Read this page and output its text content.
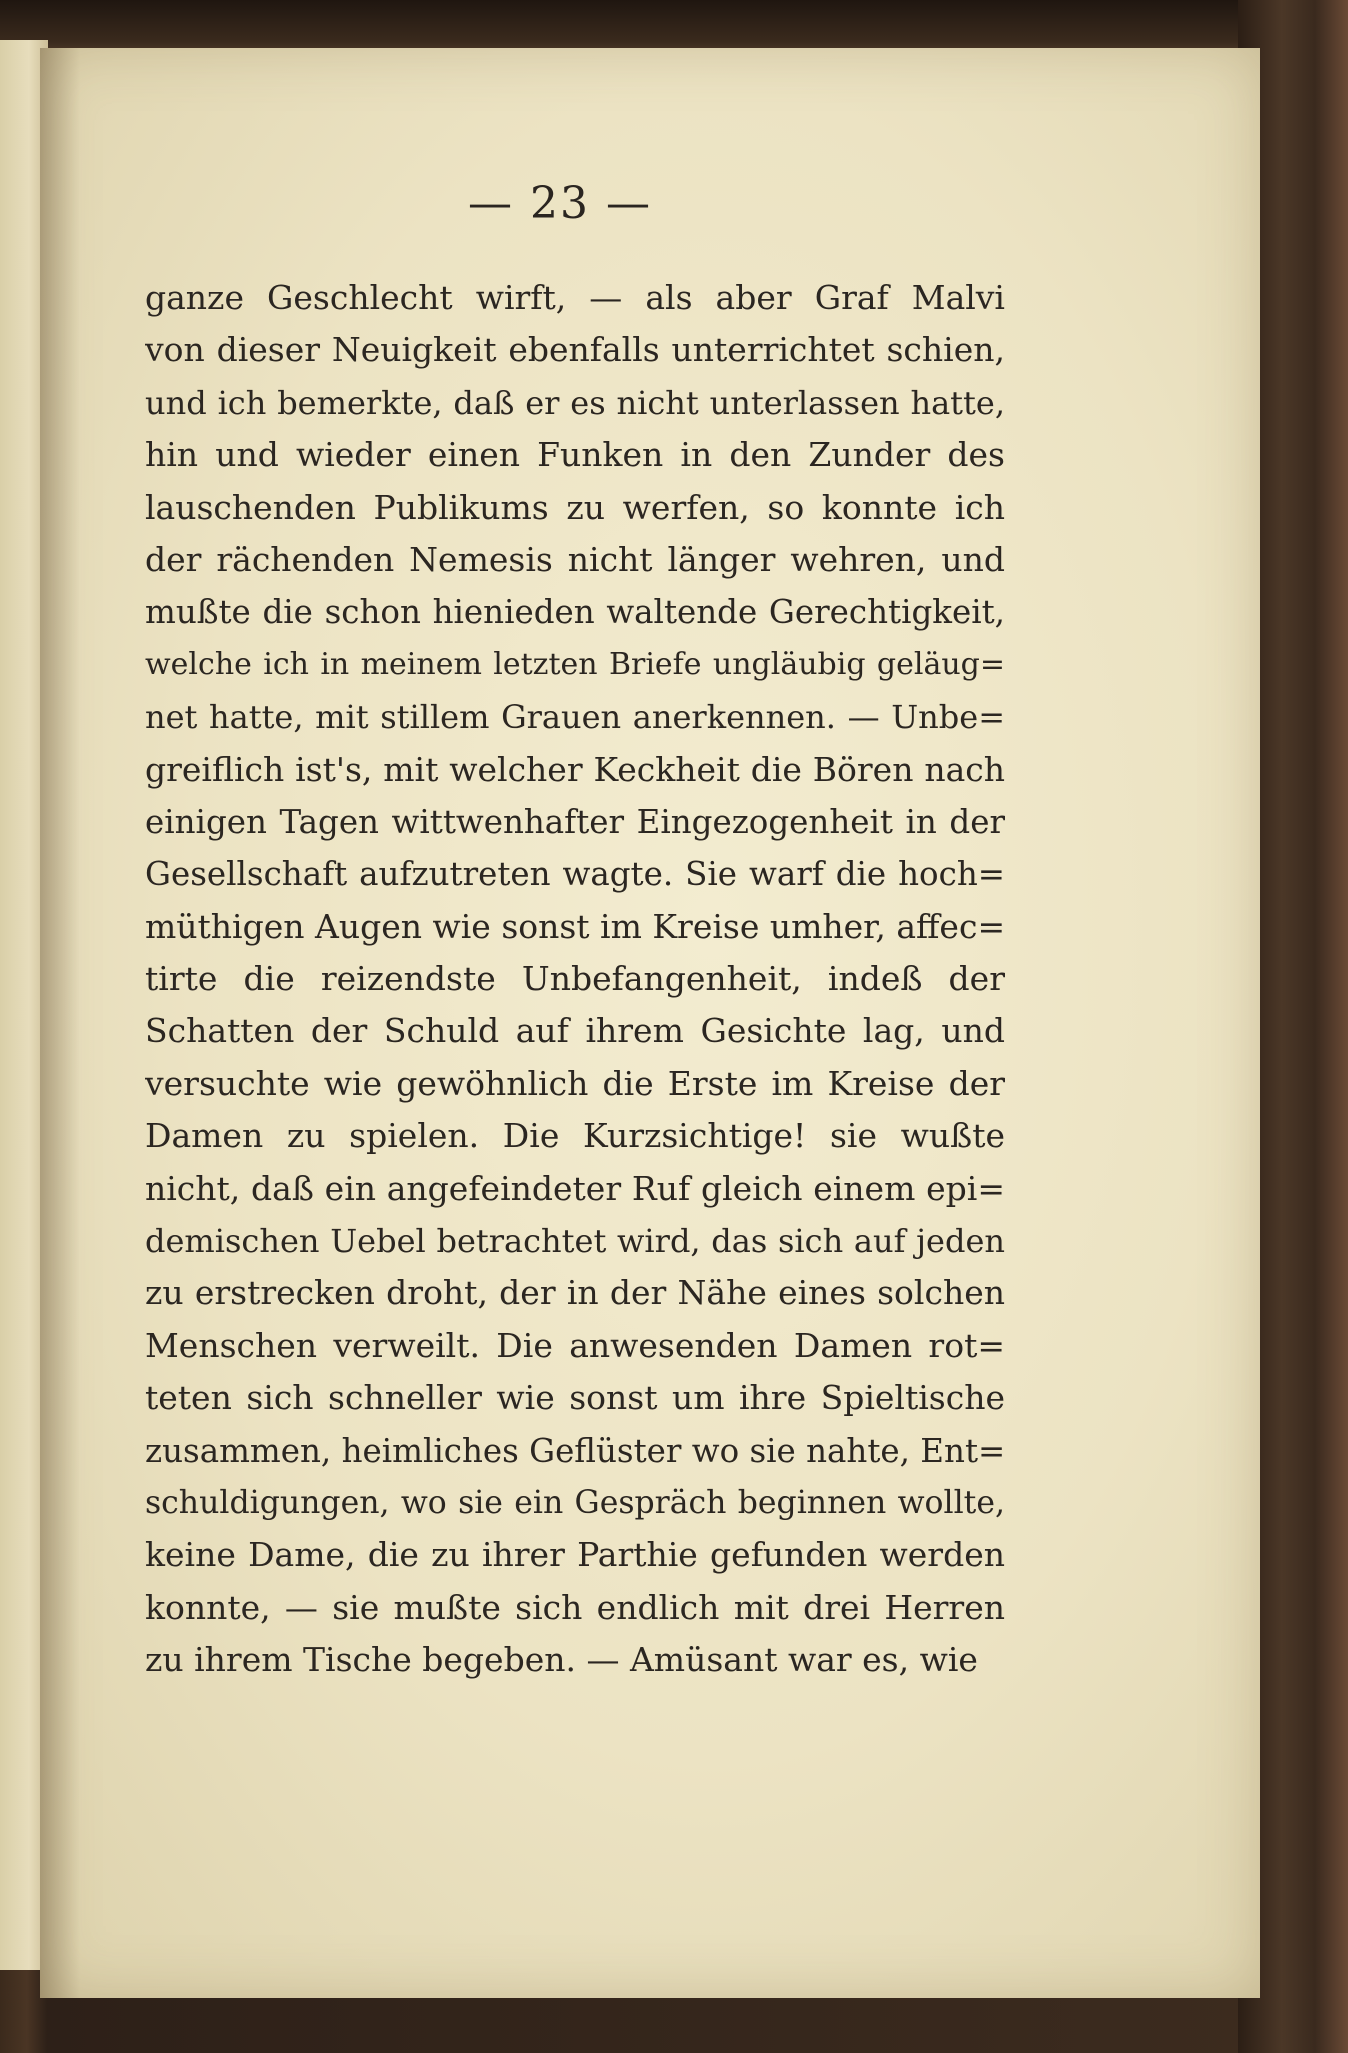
— 23 —
ganze Geschlecht wirft, — als aber Graf Malvi
von dieser Neuigkeit ebenfalls unterrichtet schien,
und ich bemerkte, daß er es nicht unterlassen hatte,
hin und wieder einen Funken in den Zunder des
lauschenden Publikums zu werfen, so konnte ich
der rächenden Nemesis nicht länger wehren, und
mußte die schon hienieden waltende Gerechtigkeit,
welche ich in meinem letzten Briefe ungläubig geläug=
net hatte, mit stillem Grauen anerkennen. — Unbe=
greiflich ist's, mit welcher Keckheit die Bören nach
einigen Tagen wittwenhafter Eingezogenheit in der
Gesellschaft aufzutreten wagte. Sie warf die hoch=
müthigen Augen wie sonst im Kreise umher, affec=
tirte die reizendste Unbefangenheit, indeß der
Schatten der Schuld auf ihrem Gesichte lag, und
versuchte wie gewöhnlich die Erste im Kreise der
Damen zu spielen. Die Kurzsichtige! sie wußte
nicht, daß ein angefeindeter Ruf gleich einem epi=
demischen Uebel betrachtet wird, das sich auf jeden
zu erstrecken droht, der in der Nähe eines solchen
Menschen verweilt. Die anwesenden Damen rot=
teten sich schneller wie sonst um ihre Spieltische
zusammen, heimliches Geflüster wo sie nahte, Ent=
schuldigungen, wo sie ein Gespräch beginnen wollte,
keine Dame, die zu ihrer Parthie gefunden werden
konnte, — sie mußte sich endlich mit drei Herren
zu ihrem Tische begeben. — Amüsant war es, wie
